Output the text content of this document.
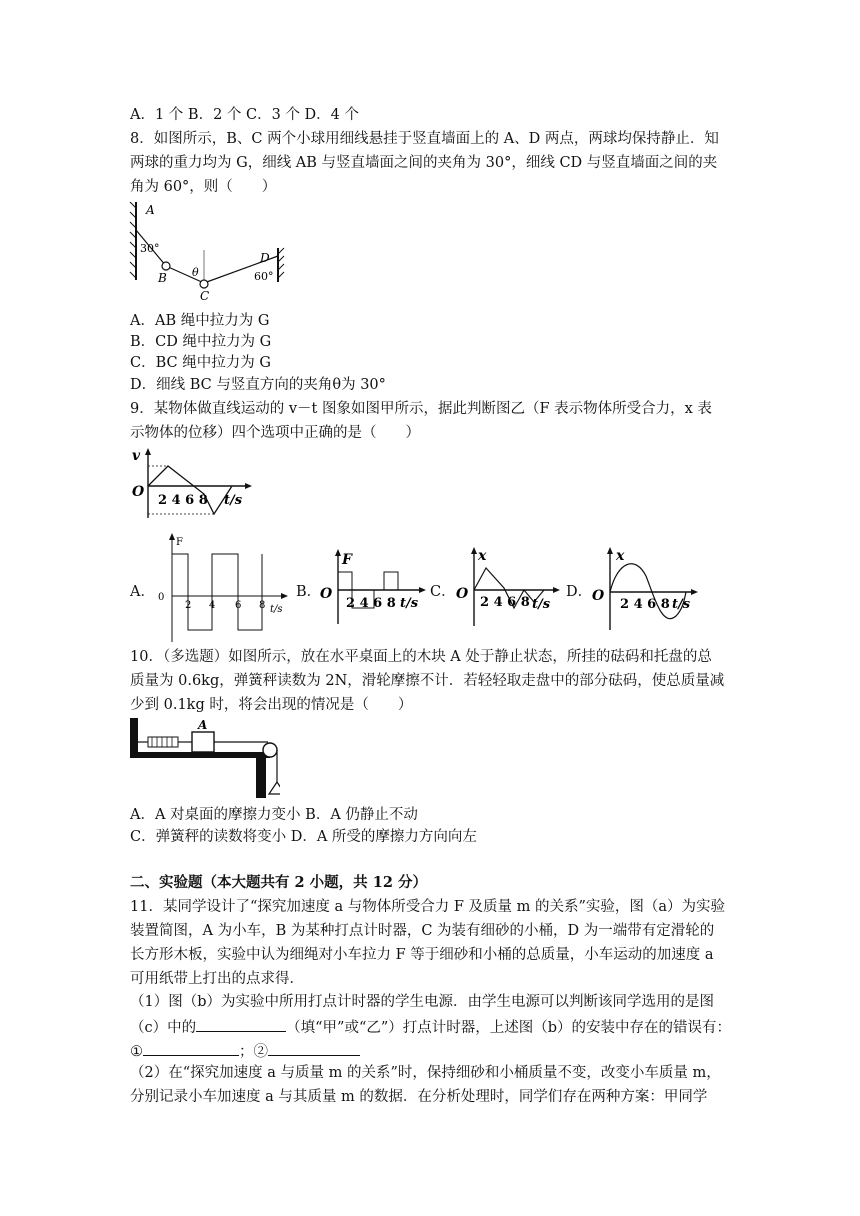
A．1 个 B．2 个 C．3 个 D．4 个
8．如图所示，B、C 两个小球用细线悬挂于竖直墙面上的 A、D 两点，两球均保持静止．知
两球的重力均为 G，细线 AB 与竖直墙面之间的夹角为 30°，细线 CD 与竖直墙面之间的夹
角为 60°，则（　　）
A
30°
B θ
C
D
60°
A．AB 绳中拉力为 G
B．CD 绳中拉力为 G
C．BC 绳中拉力为 G
D．细线 BC 与竖直方向的夹角θ为 30°
9．某物体做直线运动的 v－t 图象如图甲所示，据此判断图乙（F 表示物体所受合力，x 表
示物体的位移）四个选项中正确的是（　　）
v
O
2 4 6 8 t/s
A．
F
0
2 4 6 8 t/s
B．
F
O
2 4 6 8 t/s
C．
x
O
2 4 6 8 t/s
D．
x
O
2 4 6 8 t/s
10．（多选题）如图所示，放在水平桌面上的木块 A 处于静止状态，所挂的砝码和托盘的总
质量为 0.6kg，弹簧秤读数为 2N，滑轮摩擦不计．若轻轻取走盘中的部分砝码，使总质量减
少到 0.1kg 时，将会出现的情况是（　　）
A
A．A 对桌面的摩擦力变小 B．A 仍静止不动
C．弹簧秤的读数将变小 D．A 所受的摩擦力方向向左
二、实验题（本大题共有 2 小题，共 12 分）
11．某同学设计了“探究加速度 a 与物体所受合力 F 及质量 m 的关系”实验，图（a）为实验
装置简图，A 为小车，B 为某种打点计时器，C 为装有细砂的小桶，D 为一端带有定滑轮的
长方形木板，实验中认为细绳对小车拉力 F 等于细砂和小桶的总质量，小车运动的加速度 a
可用纸带上打出的点求得．
（1）图（b）为实验中所用打点计时器的学生电源．由学生电源可以判断该同学选用的是图
（c）中的	（填“甲”或“乙”）打点计时器，上述图（b）的安装中存在的错误有：
①	；②
（2）在“探究加速度 a 与质量 m 的关系”时，保持细砂和小桶质量不变，改变小车质量 m，
分别记录小车加速度 a 与其质量 m 的数据．在分析处理时，同学们存在两种方案：甲同学
